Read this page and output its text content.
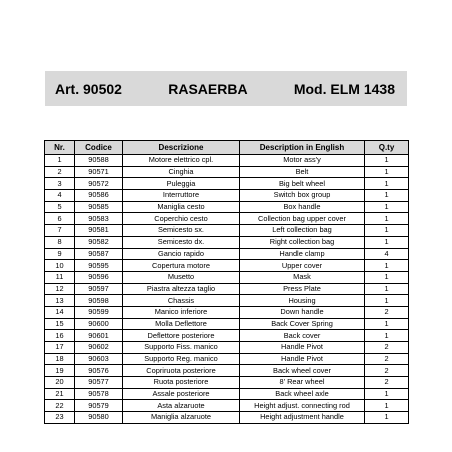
Art. 90502	RASAERBA	Mod. ELM 1438
Nr.	Codice	Descrizione	Description in English	Q.ty
1	90588	Motore elettrico cpl.	Motor ass'y	1
2	90571	Cinghia	Belt	1
3	90572	Puleggia	Big belt wheel	1
4	90586	Interruttore	Switch box group	1
5	90585	Maniglia cesto	Box handle	1
6	90583	Coperchio cesto	Collection bag upper cover	1
7	90581	Semicesto sx.	Left collection bag	1
8	90582	Semicesto dx.	Right collection bag	1
9	90587	Gancio rapido	Handle clamp	4
10	90595	Copertura motore	Upper cover	1
11	90596	Musetto	Mask	1
12	90597	Piastra altezza taglio	Press Plate	1
13	90598	Chassis	Housing	1
14	90599	Manico inferiore	Down handle	2
15	90600	Molla Deflettore	Back Cover Spring	1
16	90601	Deflettore posteriore	Back cover	1
17	90602	Supporto Fiss. manico	Handle Pivot	2
18	90603	Supporto Reg. manico	Handle Pivot	2
19	90576	Copriruota posteriore	Back wheel cover	2
20	90577	Ruota posteriore	8' Rear wheel	2
21	90578	Assale posteriore	Back wheel axle	1
22	90579	Asta alzaruote	Height adjust. connecting rod	1
23	90580	Maniglia alzaruote	Height adjustment handle	1
